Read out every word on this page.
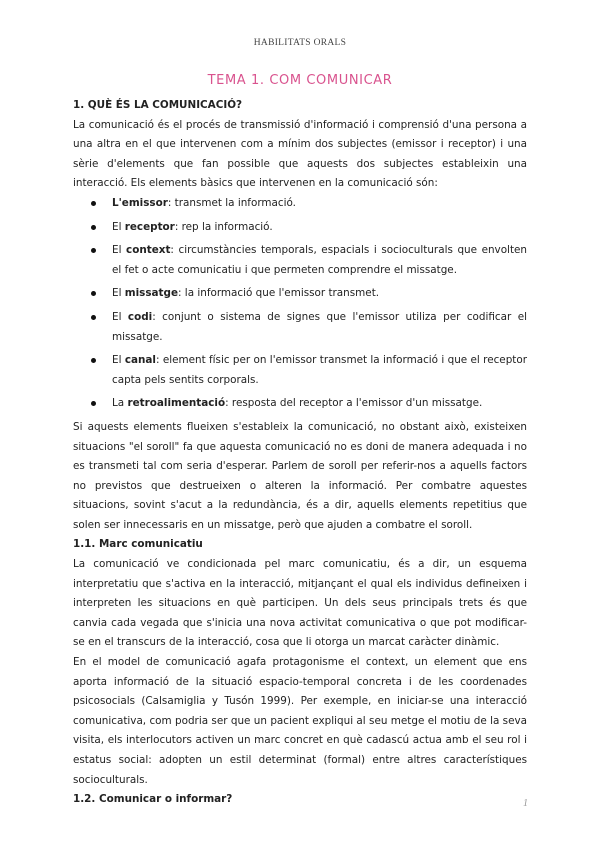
HABILITATS ORALS
TEMA 1. COM COMUNICAR

1. QUÈ ÉS LA COMUNICACIÓ?

La comunicació és el procés de transmissió d'informació i comprensió d'una persona a una altra en el que intervenen com a mínim dos subjectes (emissor i receptor) i una sèrie d'elements que fan possible que aquests dos subjectes estableixin una interacció. Els elements bàsics que intervenen en la comunicació són:

L'emissor: transmet la informació.
El receptor: rep la informació.
El context: circumstàncies temporals, espacials i socioculturals que envolten el fet o acte comunicatiu i que permeten comprendre el missatge.
El missatge: la informació que l'emissor transmet.
El codi: conjunt o sistema de signes que l'emissor utiliza per codificar el missatge.
El canal: element físic per on l'emissor transmet la informació i que el receptor capta pels sentits corporals.
La retroalimentació: resposta del receptor a l'emissor d'un missatge.

Si aquests elements flueixen s'estableix la comunicació, no obstant això, existeixen situacions "el soroll" fa que aquesta comunicació no es doni de manera adequada i no es transmeti tal com seria d'esperar. Parlem de soroll per referir-nos a aquells factors no previstos que destrueixen o alteren la informació. Per combatre aquestes situacions, sovint s'acut a la redundància, és a dir, aquells elements repetitius que solen ser innecessaris en un missatge, però que ajuden a combatre el soroll.

1.1. Marc comunicatiu

La comunicació ve condicionada pel marc comunicatiu, és a dir, un esquema interpretatiu que s'activa en la interacció, mitjançant el qual els individus defineixen i interpreten les situacions en què participen. Un dels seus principals trets és que canvia cada vegada que s'inicia una nova activitat comunicativa o que pot modificar-se en el transcurs de la interacció, cosa que li otorga un marcat caràcter dinàmic.

En el model de comunicació agafa protagonisme el context, un element que ens aporta informació de la situació espacio-temporal concreta i de les coordenades psicosocials (Calsamiglia y Tusón 1999). Per exemple, en iniciar-se una interacció comunicativa, com podria ser que un pacient expliqui al seu metge el motiu de la seva visita, els interlocutors activen un marc concret en què cadascú actua amb el seu rol i estatus social: adopten un estil determinat (formal) entre altres característiques socioculturals.

1.2. Comunicar o informar?	1
